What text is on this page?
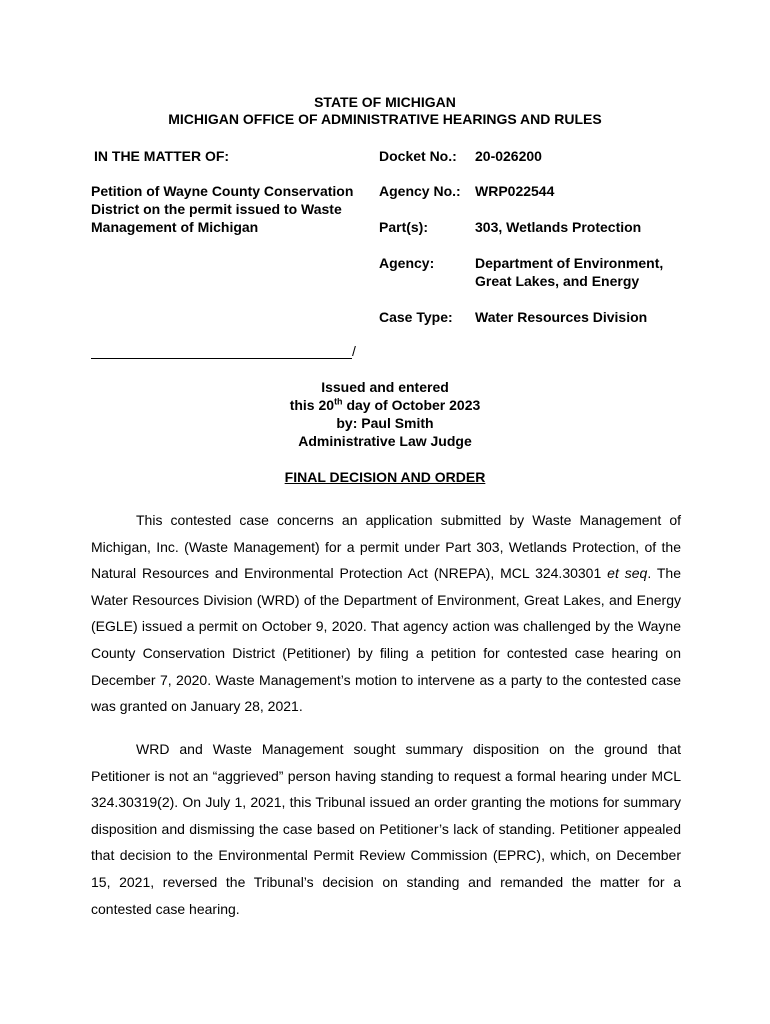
STATE OF MICHIGAN
MICHIGAN OFFICE OF ADMINISTRATIVE HEARINGS AND RULES
IN THE MATTER OF:
Petition of Wayne County Conservation District on the permit issued to Waste Management of Michigan
Docket No.: 20-026200
Agency No.: WRP022544
Part(s):	303, Wetlands Protection
Agency:	Department of Environment,
Great Lakes, and Energy
Case Type: Water Resources Division
/
Issued and entered
this 20th day of October 2023
by: Paul Smith
Administrative Law Judge
FINAL DECISION AND ORDER

This contested case concerns an application submitted by Waste Management of Michigan, Inc. (Waste Management) for a permit under Part 303, Wetlands Protection, of the Natural Resources and Environmental Protection Act (NREPA), MCL 324.30301 et seq. The Water Resources Division (WRD) of the Department of Environment, Great Lakes, and Energy (EGLE) issued a permit on October 9, 2020. That agency action was challenged by the Wayne County Conservation District (Petitioner) by filing a petition for contested case hearing on December 7, 2020. Waste Management’s motion to intervene as a party to the contested case was granted on January 28, 2021.

WRD and Waste Management sought summary disposition on the ground that Petitioner is not an “aggrieved” person having standing to request a formal hearing under MCL 324.30319(2). On July 1, 2021, this Tribunal issued an order granting the motions for summary disposition and dismissing the case based on Petitioner’s lack of standing. Petitioner appealed that decision to the Environmental Permit Review Commission (EPRC), which, on December 15, 2021, reversed the Tribunal’s decision on standing and remanded the matter for a contested case hearing.
